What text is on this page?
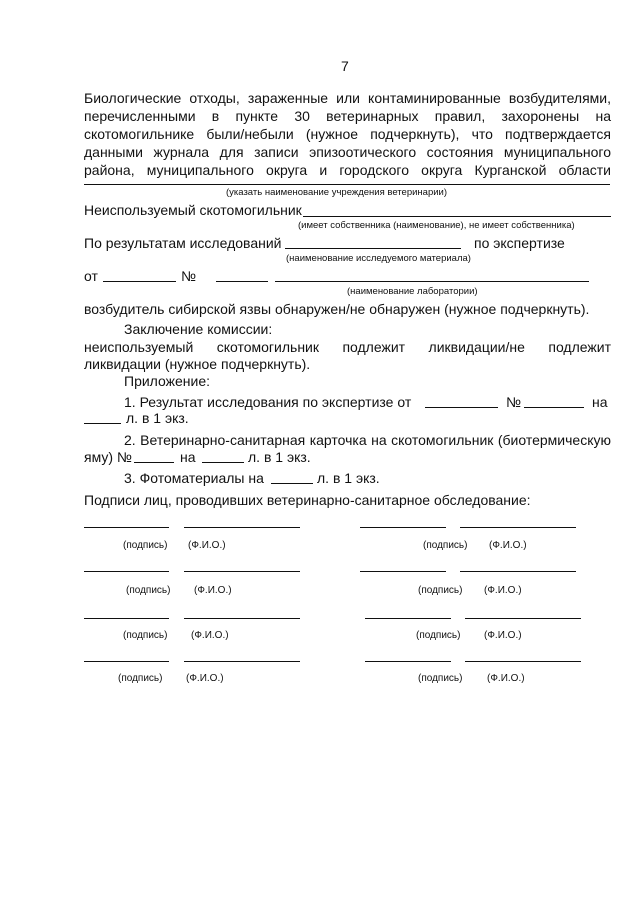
7
Биологические отходы, зараженные или контаминированные возбудителями,
перечисленными в пункте 30 ветеринарных правил, захоронены на
скотомогильнике были/небыли (нужное подчеркнуть), что подтверждается
данными журнала для записи эпизоотического состояния муниципального
района, муниципального округа и городского округа Курганской области
(указать наименование учреждения ветеринарии)
Неиспользуемый скотомогильник
(имеет собственника (наименование), не имеет собственника)
По результатам исследований	по экспертизе
(наименование исследуемого материала)
от	№
(наименование лаборатории)
возбудитель сибирской язвы обнаружен/не обнаружен (нужное подчеркнуть).
Заключение комиссии:
неиспользуемый скотомогильник подлежит ликвидации/не подлежит
ликвидации (нужное подчеркнуть).
Приложение:
1. Результат исследования по экспертизе от	№	на
л. в 1 экз.
2. Ветеринарно-санитарная карточка на скотомогильник (биотермическую
яму) №	на	л. в 1 экз.
3. Фотоматериалы на	л. в 1 экз.
Подписи лиц, проводивших ветеринарно-санитарное обследование:
(подпись) (Ф.И.О.)	(подпись) (Ф.И.О.)
(подпись) (Ф.И.О.)	(подпись) (Ф.И.О.)
(подпись) (Ф.И.О.)	(подпись) (Ф.И.О.)
(подпись) (Ф.И.О.)	(подпись) (Ф.И.О.)
